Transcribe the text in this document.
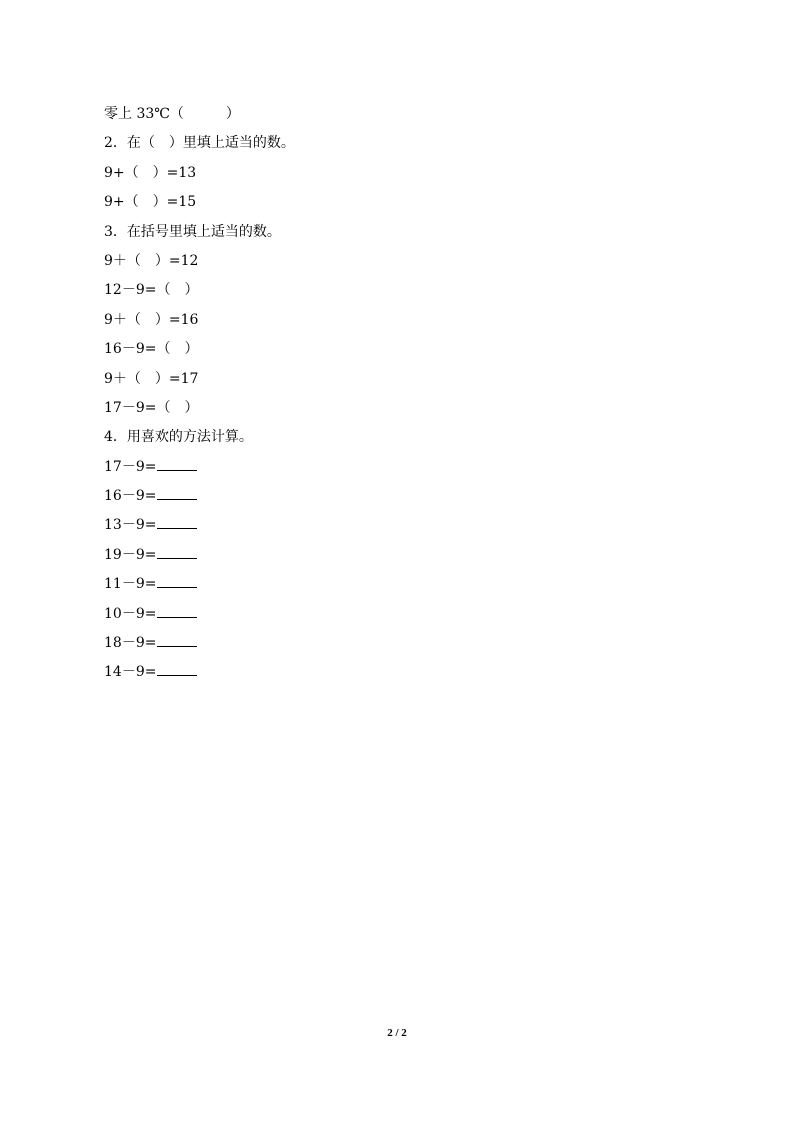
零上 33℃（　　　）
2．在（　）里填上适当的数。
9+（　）=13
9+（　）=15
3．在括号里填上适当的数。
9＋（　）=12
12－9=（　）
9＋（　）=16
16－9=（　）
9＋（　）=17
17－9=（　）
4．用喜欢的方法计算。
17－9=
16－9=
13－9=
19－9=
11－9=
10－9=
18－9=
14－9=
2 / 2
